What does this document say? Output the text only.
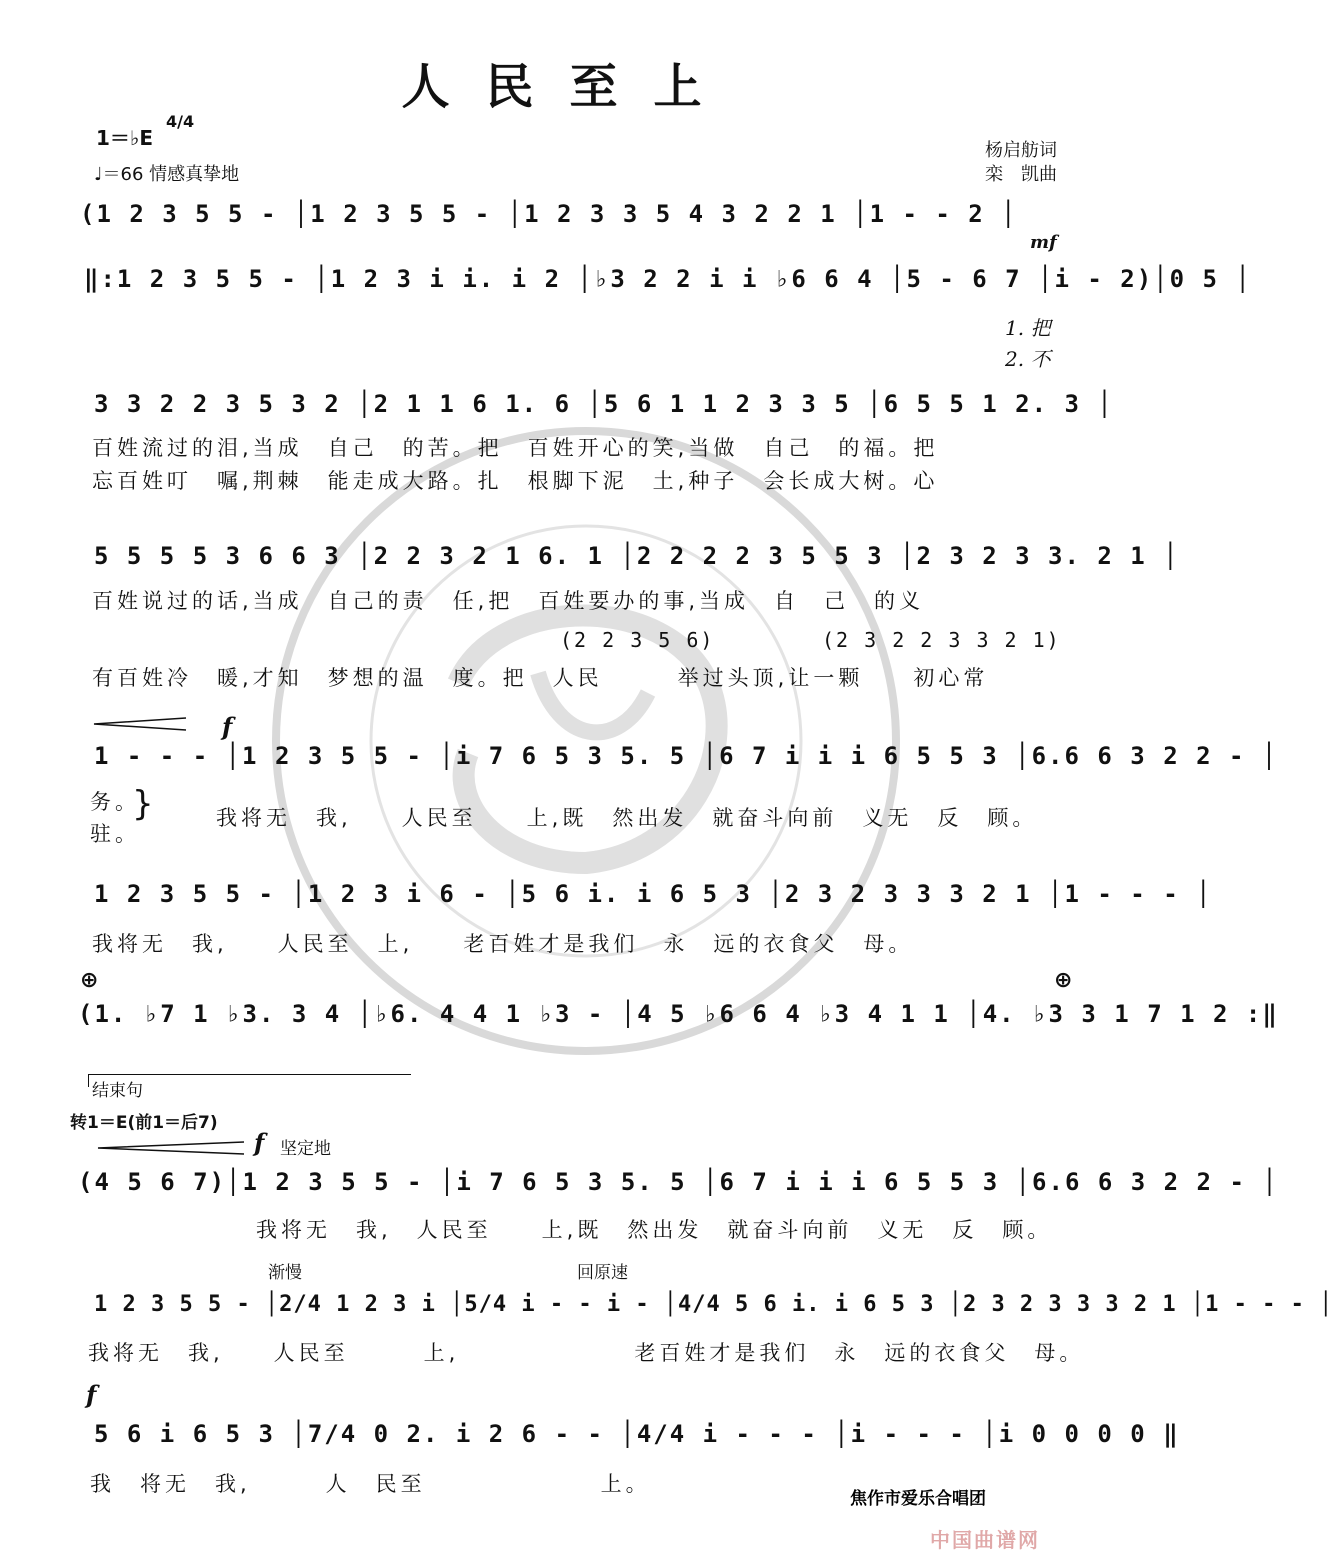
人民至上
1＝♭E
4/4
♩＝66 情感真挚地
杨启舫词
栾　凯曲
(1 2 3 5 5 - │1 2 3 5 5 - │1 2 3 3 5 4 3 2 2 1 │1 - - 2 │
mf
‖:1 2 3 5 5 - │1 2 3 i i. i 2 │♭3 2 2 i i ♭6 6 4 │5 - 6 7 │i - 2)│0 5 │
1. 把
2. 不
3 3 2 2 3 5 3 2 │2 1 1 6 1. 6 │5 6 1 1 2 3 3 5 │6 5 5 1 2. 3 │
百姓流过的泪,当成　自己　的苦。把　百姓开心的笑,当做　自己　的福。把
忘百姓叮　嘱,荆棘　能走成大路。扎　根脚下泥　土,种子　会长成大树。心
5 5 5 5 3 6 6 3 │2 2 3 2 1 6. 1 │2 2 2 2 3 5 5 3 │2 3 2 3 3. 2 1 │
百姓说过的话,当成　自己的责　任,把　百姓要办的事,当成　自　己　的义
(2 2 3 5 6)	(2 3 2 2 3 3 2 1)
有百姓冷　暖,才知　梦想的温　度。把　人民　　　举过头顶,让一颗　　初心常
f
1 - - - │1 2 3 5 5 - │i 7 6 5 3 5. 5 │6 7 i i i 6 5 5 3 │6.6 6 3 2 2 - │
务。
驻。
}	我将无　我,　　人民至　　上,既　然出发　就奋斗向前　义无　反　顾。
1 2 3 5 5 - │1 2 3 i 6 - │5 6 i. i 6 5 3 │2 3 2 3 3 3 2 1 │1 - - - │
我将无　我,　　人民至　上,　　老百姓才是我们　永　远的衣食父　母。
⊕	⊕
(1. ♭7 1 ♭3. 3 4 │♭6. 4 4 1 ♭3 - │4 5 ♭6 6 4 ♭3 4 1 1 │4. ♭3 3 1 7 1 2 :‖
结束句
转1＝E(前1＝后7)
f 坚定地
(4 5 6 7)│1 2 3 5 5 - │i 7 6 5 3 5. 5 │6 7 i i i 6 5 5 3 │6.6 6 3 2 2 - │
我将无　我,　人民至　　上,既　然出发　就奋斗向前　义无　反　顾。
渐慢	回原速
1 2 3 5 5 - │2/4 1 2 3 i │5/4 i - - i - │4/4 5 6 i. i 6 5 3 │2 3 2 3 3 3 2 1 │1 - - - │
我将无　我,　　人民至　　　上,　　　　　　　老百姓才是我们　永　远的衣食父　母。
f
5 6 i 6 5 3 │7/4 0 2. i 2 6 - - │4/4 i - - - │i - - - │i 0 0 0 0 ‖
我　将无　我,　　　人　民至　　　　　　　上。
焦作市爱乐合唱团
中国曲谱网
